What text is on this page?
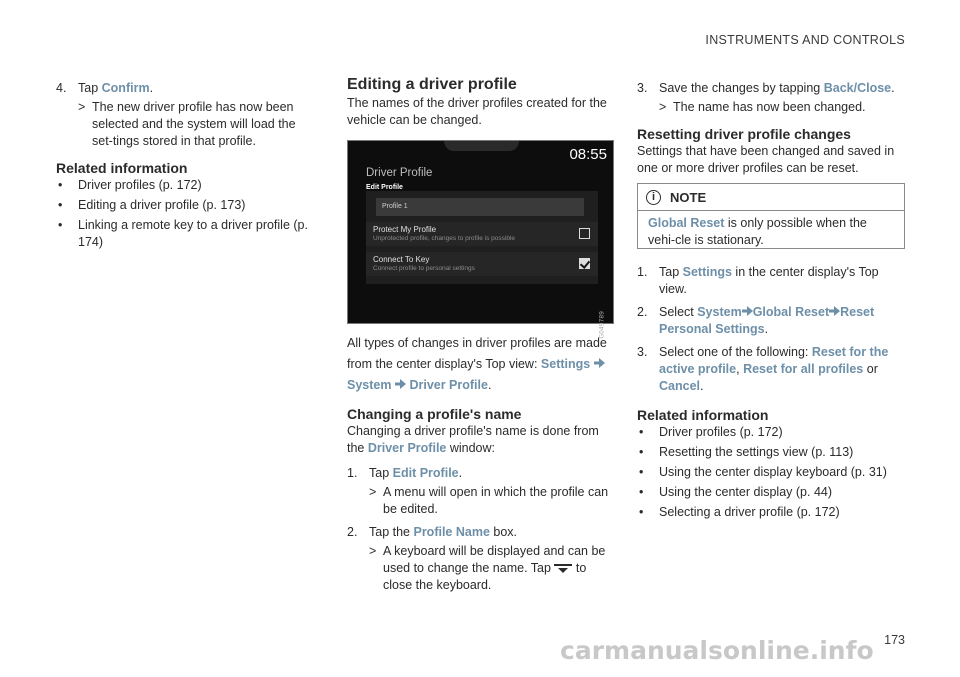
INSTRUMENTS AND CONTROLS

4. Tap Confirm.

> The new driver profile has now been selected and the system will load the set-tings stored in that profile.

Related information
• Driver profiles (p. 172)
• Editing a driver profile (p. 173)
• Linking a remote key to a driver profile (p. 174)
Editing a driver profile
The names of the driver profiles created for the vehicle can be changed.
08:55
Driver Profile
Edit Profile
Profile 1
Protect My Profile
Unprotected profile, changes to profile is possible
Connect To Key
Connect profile to personal settings
G049789
All types of changes in driver profiles are made from the center display's Top view: Settings  System Driver Profile.
Changing a profile's name
Changing a driver profile's name is done from the Driver Profile window:

1. Tap Edit Profile.

> A menu will open in which the profile can be edited.

2. Tap the Profile Name box.

> A keyboard will be displayed and can be used to change the name. Tap  to close the keyboard.

3. Save the changes by tapping Back/Close.

> The name has now been changed.

Resetting driver profile changes
Settings that have been changed and saved in one or more driver profiles can be reset.
i	NOTE
Global Reset is only possible when the vehi-cle is stationary.

1. Tap Settings in the center display's Top view.

2. Select System Global Reset Reset Personal Settings.

3. Select one of the following: Reset for the active profile, Reset for all profiles or Cancel.

Related information
• Driver profiles (p. 172)
• Resetting the settings view (p. 113)
• Using the center display keyboard (p. 31)
• Using the center display (p. 44)
• Selecting a driver profile (p. 172)
173
carmanualsonline.info
